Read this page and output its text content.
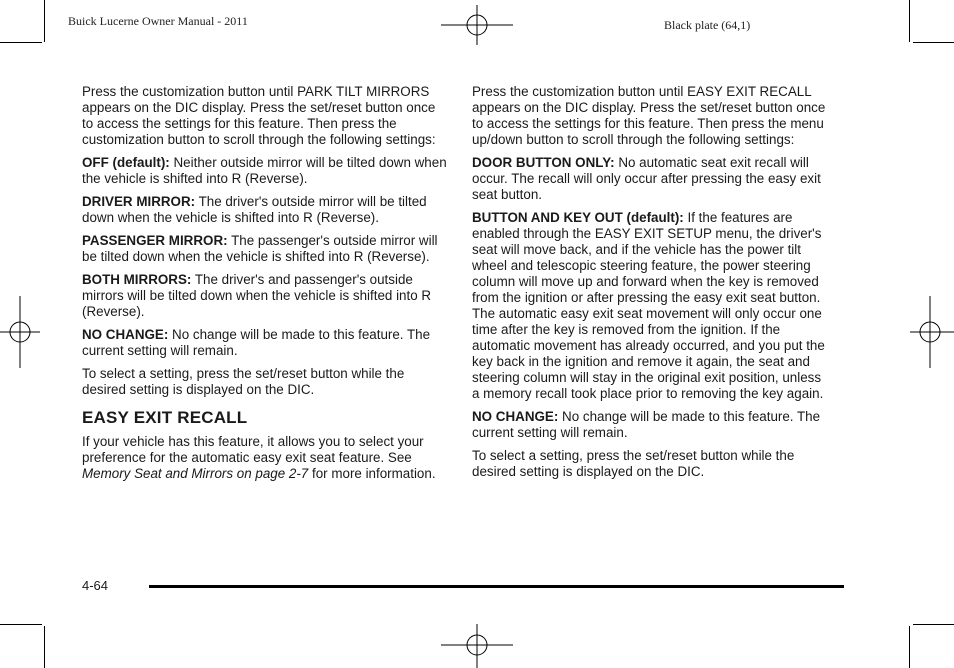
Buick Lucerne Owner Manual - 2011	Black plate (64,1)

Press the customization button until PARK TILT MIRRORS appears on the DIC display. Press the set/reset button once to access the settings for this feature. Then press the customization button to scroll through the following settings:

OFF (default): Neither outside mirror will be tilted down when the vehicle is shifted into R (Reverse).

DRIVER MIRROR: The driver's outside mirror will be tilted down when the vehicle is shifted into R (Reverse).

PASSENGER MIRROR: The passenger's outside mirror will be tilted down when the vehicle is shifted into R (Reverse).

BOTH MIRRORS: The driver's and passenger's outside mirrors will be tilted down when the vehicle is shifted into R (Reverse).

NO CHANGE: No change will be made to this feature. The current setting will remain.

To select a setting, press the set/reset button while the desired setting is displayed on the DIC.

EASY EXIT RECALL

If your vehicle has this feature, it allows you to select your preference for the automatic easy exit seat feature. See Memory Seat and Mirrors on page 2-7 for more information.

Press the customization button until EASY EXIT RECALL appears on the DIC display. Press the set/reset button once to access the settings for this feature. Then press the menu up/down button to scroll through the following settings:

DOOR BUTTON ONLY: No automatic seat exit recall will occur. The recall will only occur after pressing the easy exit seat button.

BUTTON AND KEY OUT (default): If the features are enabled through the EASY EXIT SETUP menu, the driver's seat will move back, and if the vehicle has the power tilt wheel and telescopic steering feature, the power steering column will move up and forward when the key is removed from the ignition or after pressing the easy exit seat button. The automatic easy exit seat movement will only occur one time after the key is removed from the ignition. If the automatic movement has already occurred, and you put the key back in the ignition and remove it again, the seat and steering column will stay in the original exit position, unless a memory recall took place prior to removing the key again.

NO CHANGE: No change will be made to this feature. The current setting will remain.

To select a setting, press the set/reset button while the desired setting is displayed on the DIC.

4-64
